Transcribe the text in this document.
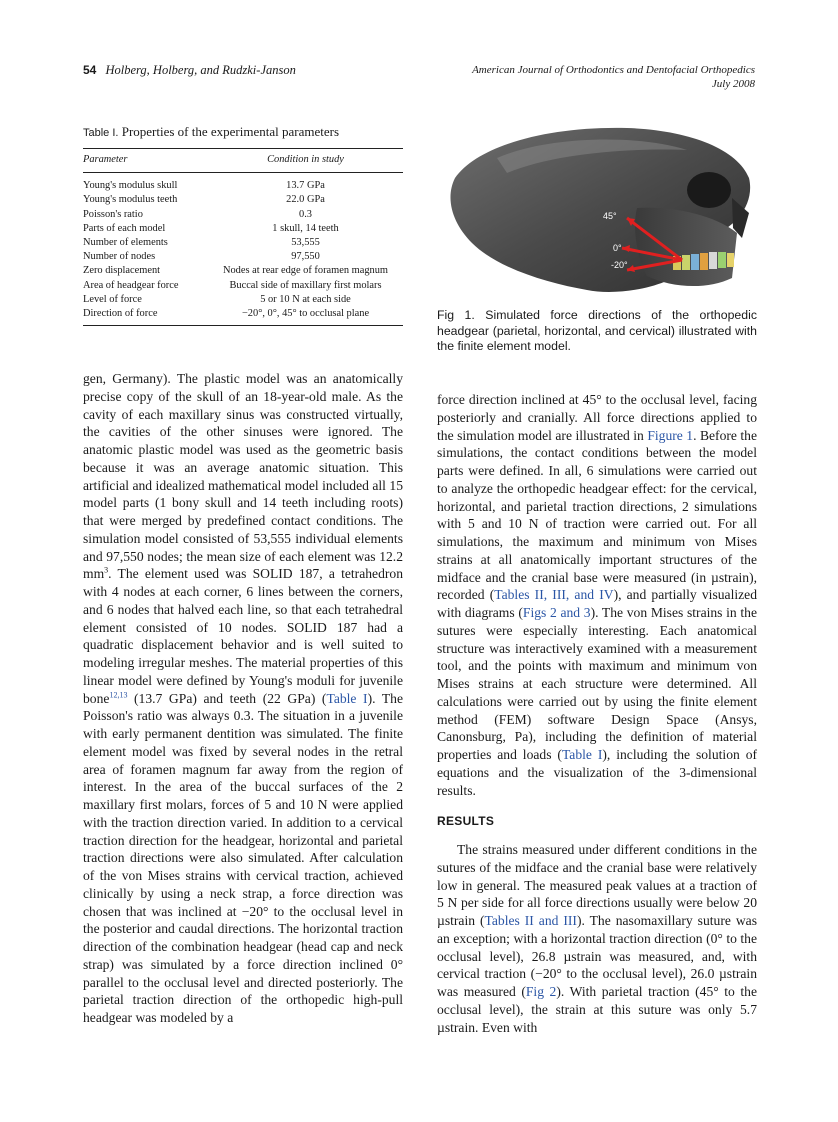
54 Holberg, Holberg, and Rudzki-Janson	American Journal of Orthodontics and Dentofacial Orthopedics
July 2008
Table I. Properties of the experimental parameters
Parameter	Condition in study
Young's modulus skull	13.7 GPa
Young's modulus teeth	22.0 GPa
Poisson's ratio	0.3
Parts of each model	1 skull, 14 teeth
Number of elements	53,555
Number of nodes	97,550
Zero displacement	Nodes at rear edge of foramen magnum
Area of headgear force	Buccal side of maxillary first molars
Level of force	5 or 10 N at each side
Direction of force	−20°, 0°, 45° to occlusal plane
45°
0°
-20°
Fig 1. Simulated force directions of the orthopedic headgear (parietal, horizontal, and cervical) illustrated with the finite element model.

gen, Germany). The plastic model was an anatomically precise copy of the skull of an 18-year-old male. As the cavity of each maxillary sinus was constructed virtually, the cavities of the other sinuses were ignored. The anatomic plastic model was used as the geometric basis because it was an average anatomic situation. This artificial and idealized mathematical model included all 15 model parts (1 bony skull and 14 teeth including roots) that were merged by predefined contact conditions. The simulation model consisted of 53,555 individual elements and 97,550 nodes; the mean size of each element was 12.2 $mm^3$. The element used was SOLID 187, a tetrahedron with 4 nodes at each corner, 6 lines between the corners, and 6 nodes that halved each line, so that each tetrahedral element consisted of 10 nodes. SOLID 187 had a quadratic displacement behavior and is well suited to modeling irregular meshes. The material properties of this linear model were defined by Young's moduli for juvenile bone$^{12,13}$ (13.7 GPa) and teeth (22 GPa) (Table I). The Poisson's ratio was always 0.3. The situation in a juvenile with early permanent dentition was simulated. The finite element model was fixed by several nodes in the retral area of foramen magnum far away from the region of interest. In the area of the buccal surfaces of the 2 maxillary first molars, forces of 5 and 10 N were applied with the traction direction varied. In addition to a cervical traction direction for the headgear, horizontal and parietal traction directions were also simulated. After calculation of the von Mises strains with cervical traction, achieved clinically by using a neck strap, a force direction was chosen that was inclined at −20° to the occlusal level in the posterior and caudal directions. The horizontal traction direction of the combination headgear (head cap and neck strap) was simulated by a force direction inclined 0° parallel to the occlusal level and directed posteriorly. The parietal traction direction of the orthopedic high-pull headgear was modeled by a

force direction inclined at 45° to the occlusal level, facing posteriorly and cranially. All force directions applied to the simulation model are illustrated in Figure 1. Before the simulations, the contact conditions between the model parts were defined. In all, 6 simulations were carried out to analyze the orthopedic headgear effect: for the cervical, horizontal, and parietal traction directions, 2 simulations with 5 and 10 N of traction were carried out. For all simulations, the maximum and minimum von Mises strains at all anatomically important structures of the midface and the cranial base were measured (in µstrain), recorded (Tables II, III, and IV), and partially visualized with diagrams (Figs 2 and 3). The von Mises strains in the sutures were especially interesting. Each anatomical structure was interactively examined with a measurement tool, and the points with maximum and minimum von Mises strains at each structure were determined. All calculations were carried out by using the finite element method (FEM) software Design Space (Ansys, Canonsburg, Pa), including the definition of material properties and loads (Table I), including the solution of equations and the visualization of the 3-dimensional results.

RESULTS

The strains measured under different conditions in the sutures of the midface and the cranial base were relatively low in general. The measured peak values at a traction of 5 N per side for all force directions usually were below 20 µstrain (Tables II and III). The nasomaxillary suture was an exception; with a horizontal traction direction (0° to the occlusal level), 26.8 µstrain was measured, and, with cervical traction (−20° to the occlusal level), 26.0 µstrain was measured (Fig 2). With parietal traction (45° to the occlusal level), the strain at this suture was only 5.7 µstrain. Even with
